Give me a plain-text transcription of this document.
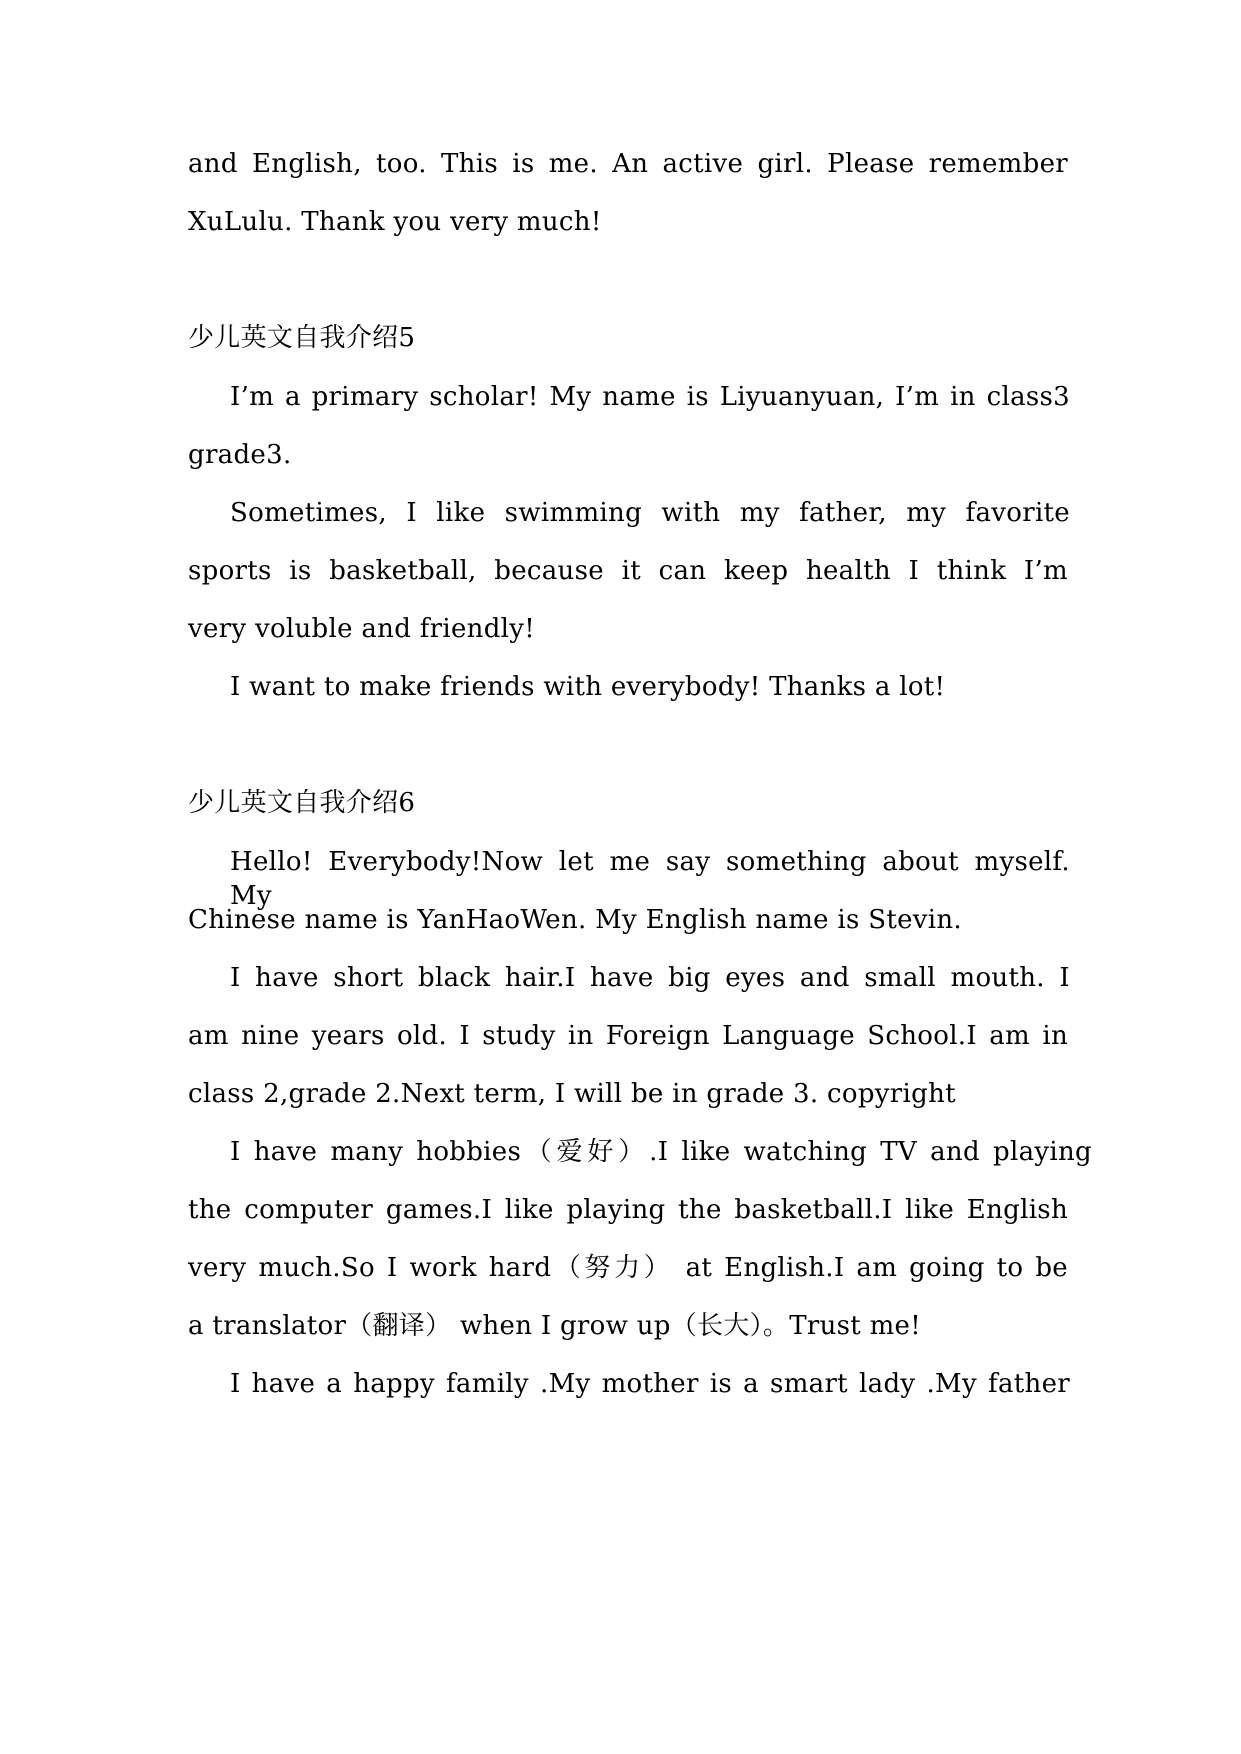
and English, too. This is me. An active girl. Please remember
XuLulu. Thank you very much!
少儿英文自我介绍5
I’m a primary scholar! My name is Liyuanyuan, I’m in class3
grade3.
Sometimes, I like swimming with my father, my favorite
sports is basketball, because it can keep health I think I’m
very voluble and friendly!
I want to make friends with everybody! Thanks a lot!
少儿英文自我介绍6
Hello! Everybody!Now let me say something about myself. My
Chinese name is YanHaoWen. My English name is Stevin.
I have short black hair.I have big eyes and small mouth. I
am nine years old. I study in Foreign Language School.I am in
class 2,grade 2.Next term, I will be in grade 3. copyright
I have many hobbies（爱好）.I like watching TV and playing
the computer games.I like playing the basketball.I like English
very much.So I work hard（努力） at English.I am going to be
a translator（翻译） when I grow up（长大）。Trust me!
I have a happy family .My mother is a smart lady .My father
